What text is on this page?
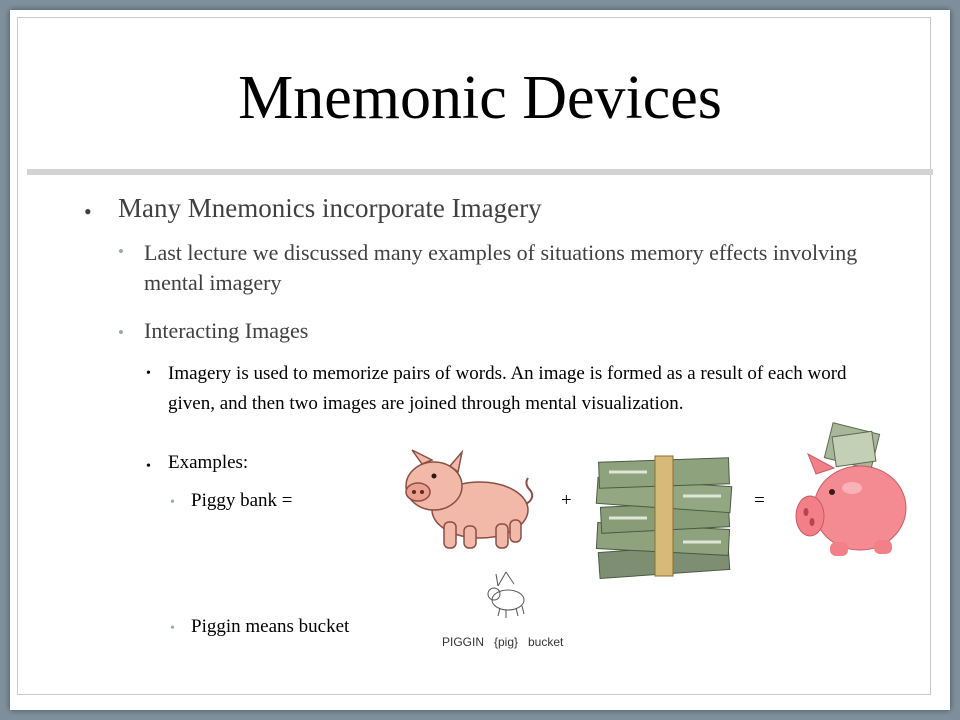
Mnemonic Devices
• Many Mnemonics incorporate Imagery
• Last lecture we discussed many examples of situations memory effects involving mental imagery
• Interacting Images
• Imagery is used to memorize pairs of words. An image is formed as a result of each word given, and then two images are joined through mental visualization.
• Examples:
• Piggy bank =
• Piggin means bucket
+	=
PIGGIN {pig} bucket
